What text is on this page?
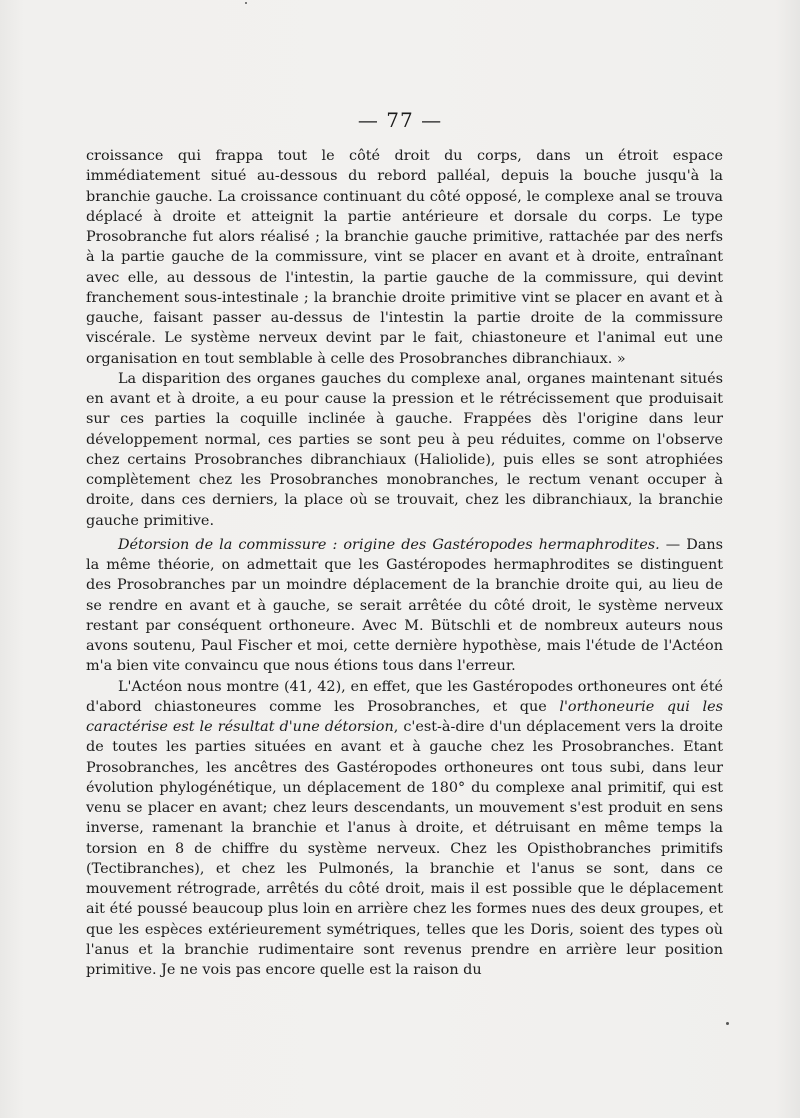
— 77 —

croissance qui frappa tout le côté droit du corps, dans un étroit espace immédiatement situé au-dessous du rebord palléal, depuis la bouche jusqu'à la branchie gauche. La croissance continuant du côté opposé, le complexe anal se trouva déplacé à droite et atteignit la partie antérieure et dorsale du corps. Le type Prosobranche fut alors réalisé ; la branchie gauche primitive, rattachée par des nerfs à la partie gauche de la commissure, vint se placer en avant et à droite, entraînant avec elle, au dessous de l'intestin, la partie gauche de la commissure, qui devint franchement sous-intestinale ; la branchie droite primitive vint se placer en avant et à gauche, faisant passer au-dessus de l'intestin la partie droite de la commissure viscérale. Le système nerveux devint par le fait, chiastoneure et l'animal eut une organisation en tout semblable à celle des Prosobranches dibranchiaux. »

La disparition des organes gauches du complexe anal, organes maintenant situés en avant et à droite, a eu pour cause la pression et le rétrécissement que produisait sur ces parties la coquille inclinée à gauche. Frappées dès l'origine dans leur développement normal, ces parties se sont peu à peu réduites, comme on l'observe chez certains Prosobranches dibranchiaux (Haliolide), puis elles se sont atrophiées complètement chez les Prosobranches monobranches, le rectum venant occuper à droite, dans ces derniers, la place où se trouvait, chez les dibranchiaux, la branchie gauche primitive.

Détorsion de la commissure : origine des Gastéropodes hermaphrodites. — Dans la même théorie, on admettait que les Gastéropodes hermaphrodites se distinguent des Prosobranches par un moindre déplacement de la branchie droite qui, au lieu de se rendre en avant et à gauche, se serait arrêtée du côté droit, le système nerveux restant par conséquent orthoneure. Avec M. Bütschli et de nombreux auteurs nous avons soutenu, Paul Fischer et moi, cette dernière hypothèse, mais l'étude de l'Actéon m'a bien vite convaincu que nous étions tous dans l'erreur.

L'Actéon nous montre (41, 42), en effet, que les Gastéropodes orthoneures ont été d'abord chiastoneures comme les Prosobranches, et que l'orthoneurie qui les caractérise est le résultat d'une détorsion, c'est-à-dire d'un déplacement vers la droite de toutes les parties situées en avant et à gauche chez les Prosobranches. Etant Prosobranches, les ancêtres des Gastéropodes orthoneures ont tous subi, dans leur évolution phylogénétique, un déplacement de 180° du complexe anal primitif, qui est venu se placer en avant; chez leurs descendants, un mouvement s'est produit en sens inverse, ramenant la branchie et l'anus à droite, et détruisant en même temps la torsion en 8 de chiffre du système nerveux. Chez les Opisthobranches primitifs (Tectibranches), et chez les Pulmonés, la branchie et l'anus se sont, dans ce mouvement rétrograde, arrêtés du côté droit, mais il est possible que le déplacement ait été poussé beaucoup plus loin en arrière chez les formes nues des deux groupes, et que les espèces extérieurement symétriques, telles que les Doris, soient des types où l'anus et la branchie rudimentaire sont revenus prendre en arrière leur position primitive. Je ne vois pas encore quelle est la raison du
